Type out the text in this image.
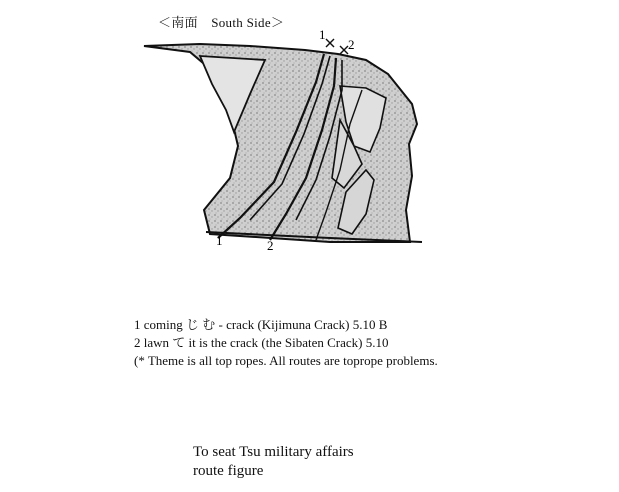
＜南面　South Side＞
1
2
1	2
1 coming じ む - crack (Kijimuna Crack) 5.10 B
2 lawn て it is the crack (the Sibaten Crack) 5.10
(* Theme is all top ropes. All routes are toprope problems.
To seat Tsu military affairs
route figure
